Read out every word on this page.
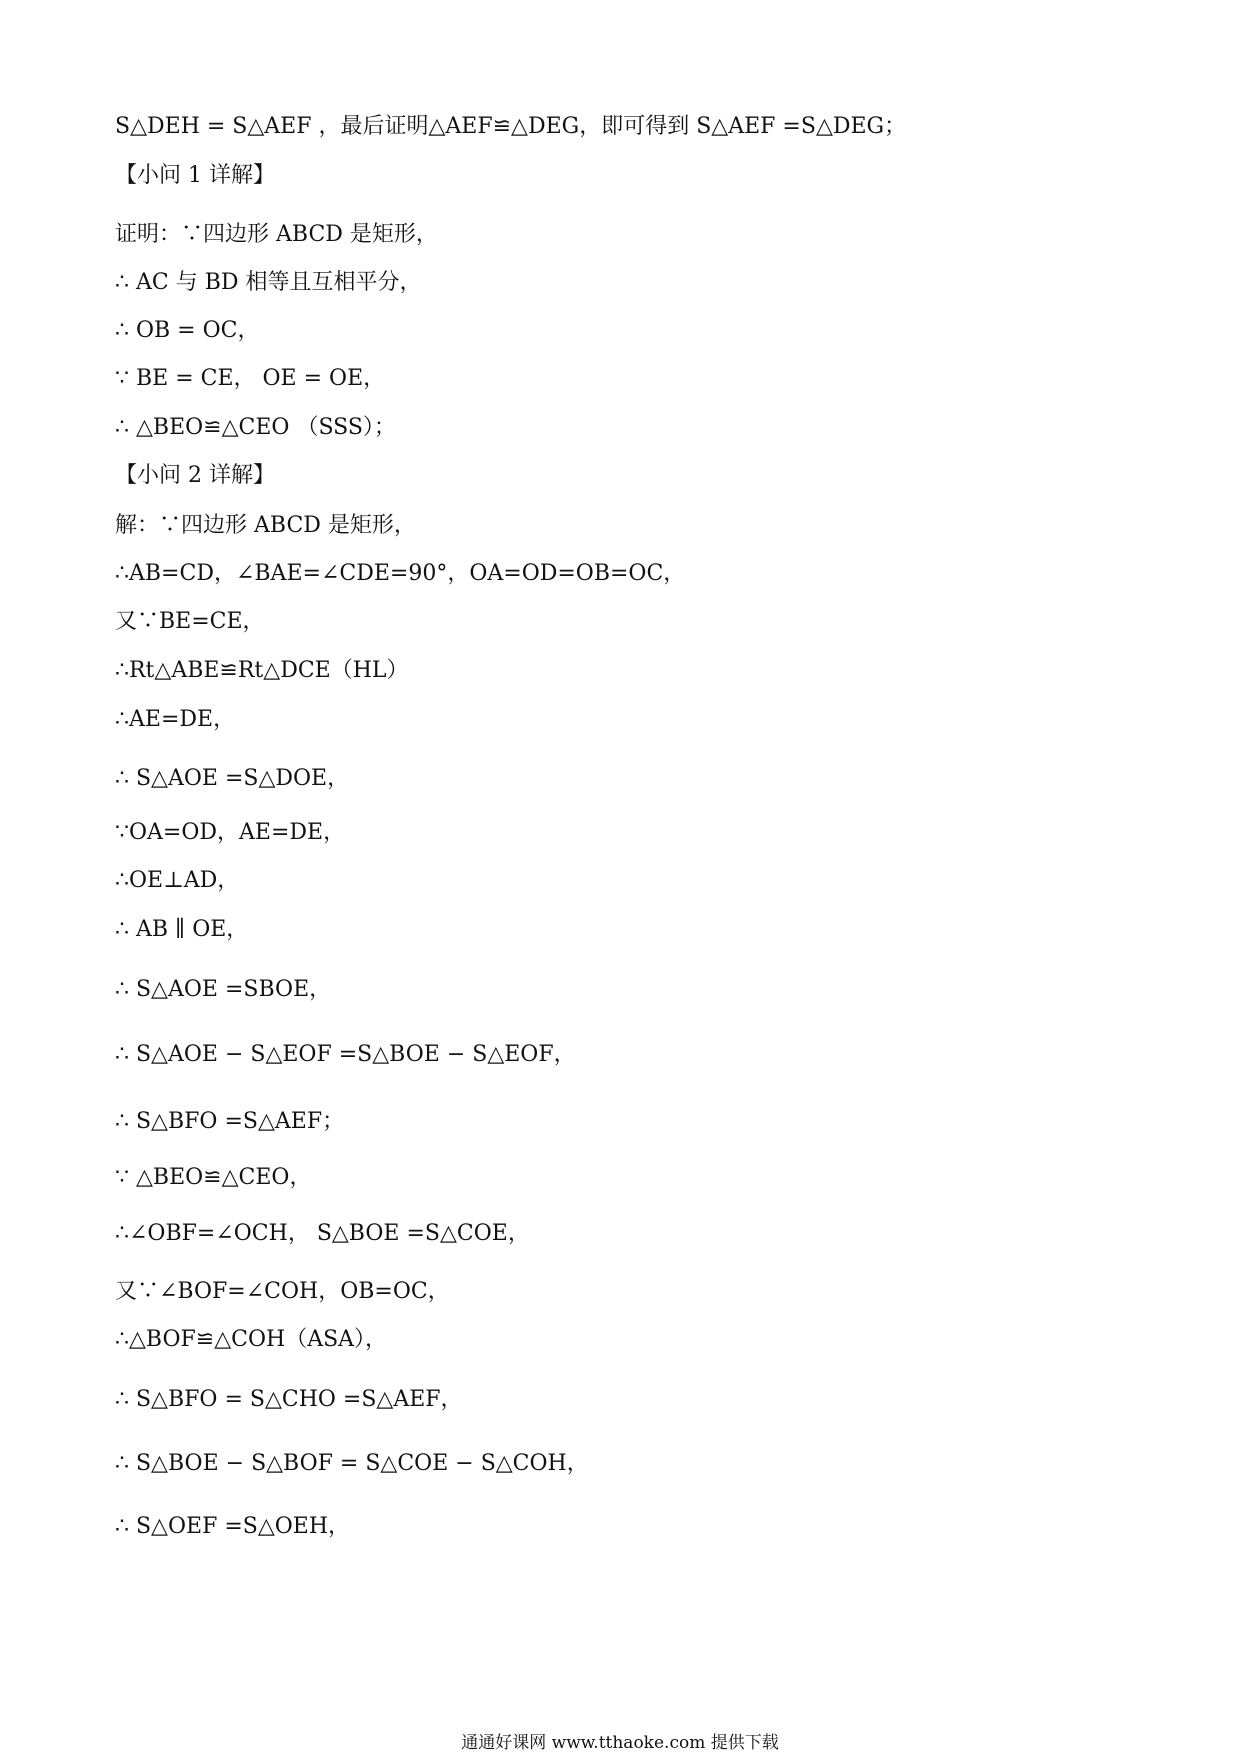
S△DEH = S△AEF ，最后证明△AEF≌△DEG，即可得到 S△AEF =S△DEG；
【小问 1 详解】
证明：∵四边形 ABCD 是矩形，
∴ AC 与 BD 相等且互相平分，
∴ OB = OC，
∵ BE = CE， OE = OE，
∴ △BEO≌△CEO （SSS）；
【小问 2 详解】
解：∵四边形 ABCD 是矩形，
∴AB=CD，∠BAE=∠CDE=90°，OA=OD=OB=OC，
又∵BE=CE，
∴Rt△ABE≌Rt△DCE（HL）
∴AE=DE，
∴ S△AOE =S△DOE，
∵OA=OD，AE=DE，
∴OE⊥AD，
∴ AB ∥ OE，
∴ S△AOE =SBOE，
∴ S△AOE − S△EOF =S△BOE − S△EOF，
∴ S△BFO =S△AEF；
∵ △BEO≌△CEO，
∴∠OBF=∠OCH， S△BOE =S△COE，
又∵∠BOF=∠COH，OB=OC，
∴△BOF≌△COH（ASA），
∴ S△BFO = S△CHO =S△AEF，
∴ S△BOE − S△BOF = S△COE − S△COH，
∴ S△OEF =S△OEH，
通通好课网 www.tthaoke.com 提供下载
